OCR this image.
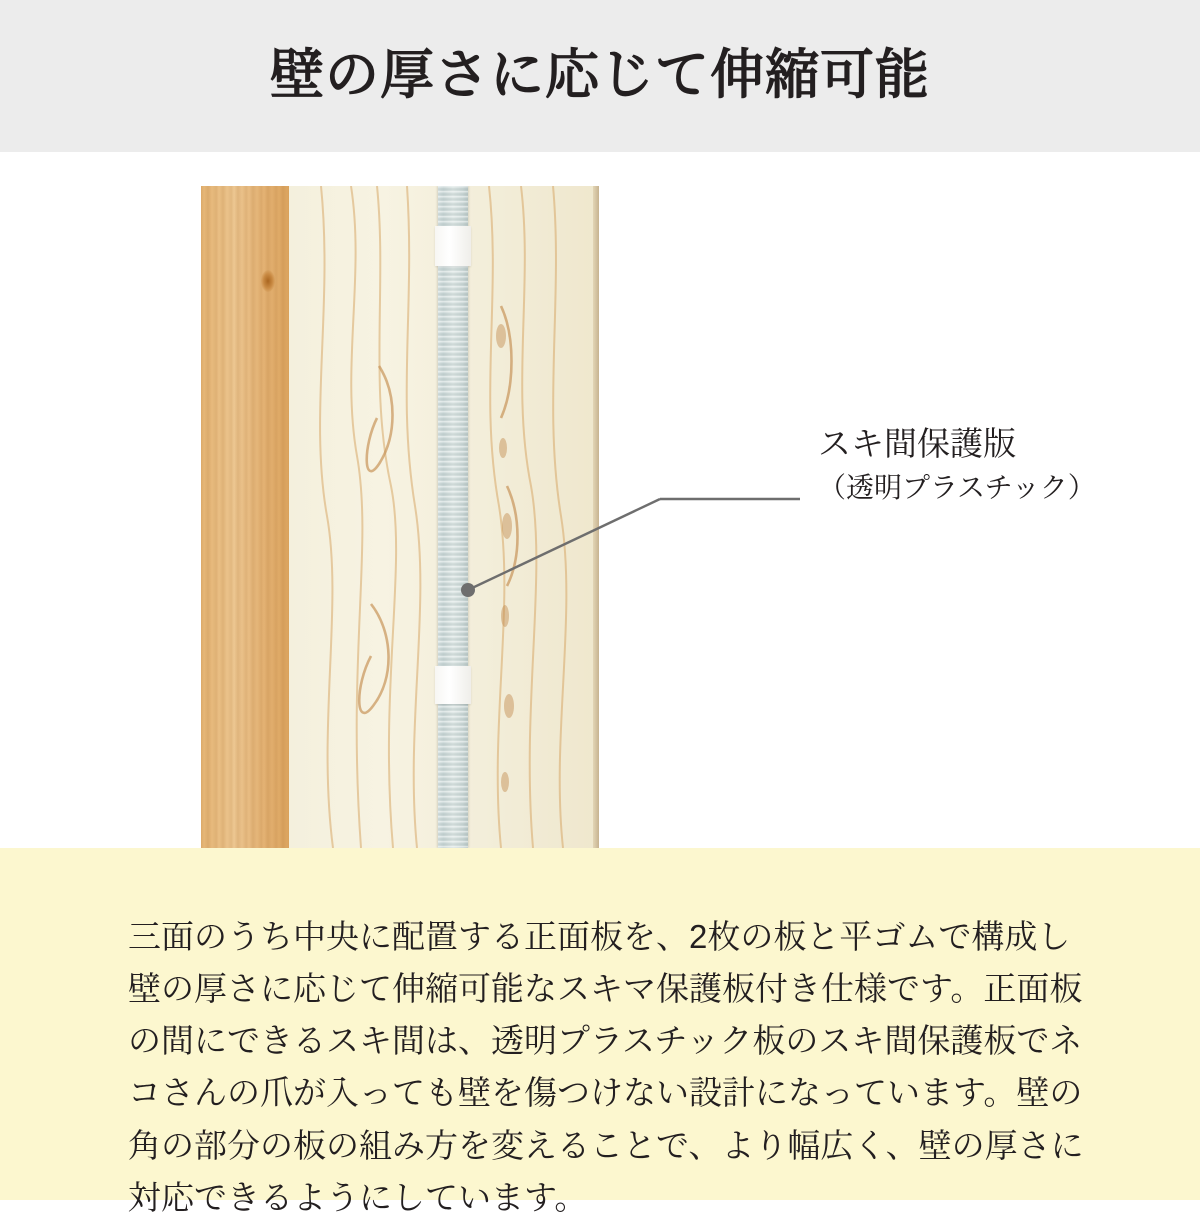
壁の厚さに応じて伸縮可能
スキ間保護版
（透明プラスチック）

三面のうち中央に配置する正面板を、2枚の板と平ゴムで構成し壁の厚さに応じて伸縮可能なスキマ保護板付き仕様です。正面板の間にできるスキ間は、透明プラスチック板のスキ間保護板でネコさんの爪が入っても壁を傷つけない設計になっています。壁の角の部分の板の組み方を変えることで、より幅広く、壁の厚さに対応できるようにしています。
